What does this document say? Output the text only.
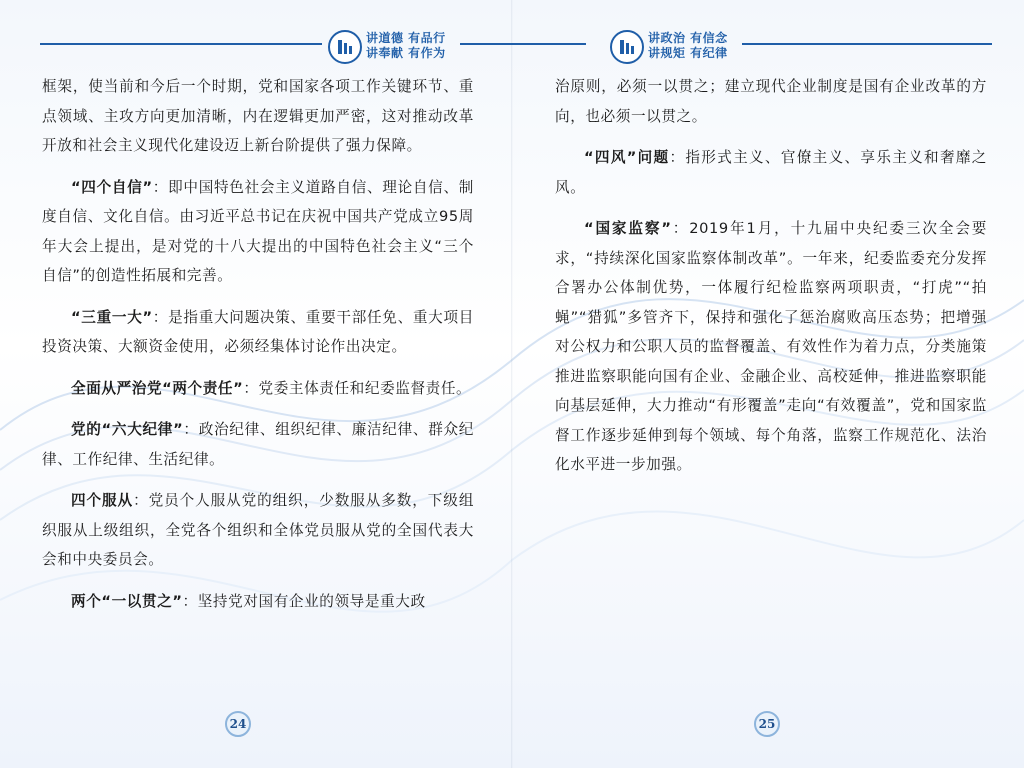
讲道德 有品行
讲奉献 有作为

框架，使当前和今后一个时期，党和国家各项工作关键环节、重点领域、主攻方向更加清晰，内在逻辑更加严密，这对推动改革开放和社会主义现代化建设迈上新台阶提供了强力保障。

“四个自信”：即中国特色社会主义道路自信、理论自信、制度自信、文化自信。由习近平总书记在庆祝中国共产党成立95周年大会上提出，是对党的十八大提出的中国特色社会主义“三个自信”的创造性拓展和完善。

“三重一大”：是指重大问题决策、重要干部任免、重大项目投资决策、大额资金使用，必须经集体讨论作出决定。

全面从严治党“两个责任”：党委主体责任和纪委监督责任。

党的“六大纪律”：政治纪律、组织纪律、廉洁纪律、群众纪律、工作纪律、生活纪律。

四个服从：党员个人服从党的组织，少数服从多数，下级组织服从上级组织，全党各个组织和全体党员服从党的全国代表大会和中央委员会。

两个“一以贯之”：坚持党对国有企业的领导是重大政

24
讲政治 有信念
讲规矩 有纪律

治原则，必须一以贯之；建立现代企业制度是国有企业改革的方向，也必须一以贯之。

“四风”问题：指形式主义、官僚主义、享乐主义和奢靡之风。

“国家监察”：2019年1月，十九届中央纪委三次全会要求，“持续深化国家监察体制改革”。一年来，纪委监委充分发挥合署办公体制优势，一体履行纪检监察两项职责，“打虎”“拍蝇”“猎狐”多管齐下，保持和强化了惩治腐败高压态势；把增强对公权力和公职人员的监督覆盖、有效性作为着力点，分类施策推进监察职能向国有企业、金融企业、高校延伸，推进监察职能向基层延伸，大力推动“有形覆盖”走向“有效覆盖”，党和国家监督工作逐步延伸到每个领域、每个角落，监察工作规范化、法治化水平进一步加强。

25
